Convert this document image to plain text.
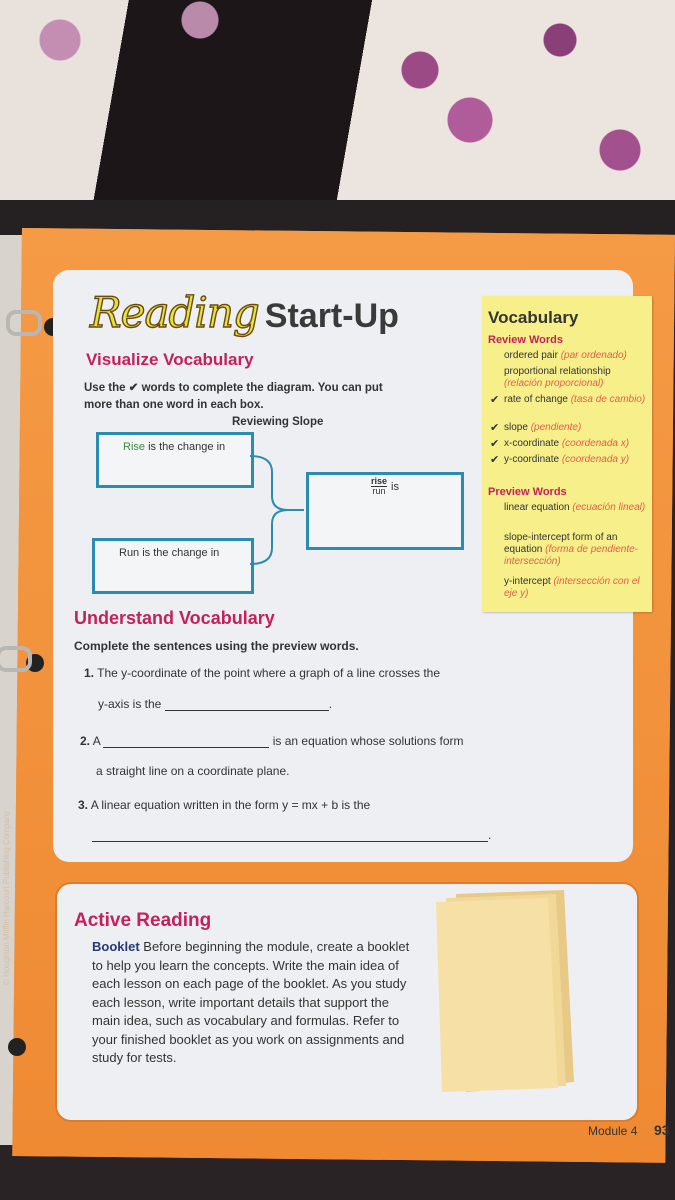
Reading Start-Up
Visualize Vocabulary
Use the ✔ words to complete the diagram. You can put
more than one word in each box.
Reviewing Slope
Rise is the change in
Run is the change in
rise
run is
Vocabulary
Review Words
ordered pair (par ordenado)
proportional relationship (relación proporcional)
✔ rate of change (tasa de cambio)
✔ slope (pendiente)
✔ x-coordinate (coordenada x)
✔ y-coordinate (coordenada y)
Preview Words
linear equation (ecuación lineal)
slope-intercept form of an equation (forma de pendiente-intersección)
y-intercept (intersección con el eje y)
Understand Vocabulary
Complete the sentences using the preview words.
1. The y-coordinate of the point where a graph of a line crosses the
y-axis is the	.
2. A	is an equation whose solutions form
a straight line on a coordinate plane.
3. A linear equation written in the form y = mx + b is the
.
Active Reading
Booklet Before beginning the module, create a booklet to help you learn the concepts. Write the main idea of each lesson on each page of the booklet. As you study each lesson, write important details that support the main idea, such as vocabulary and formulas. Refer to your finished booklet as you work on assignments and study for tests.
Module 4 93
© Houghton Mifflin Harcourt Publishing Company
